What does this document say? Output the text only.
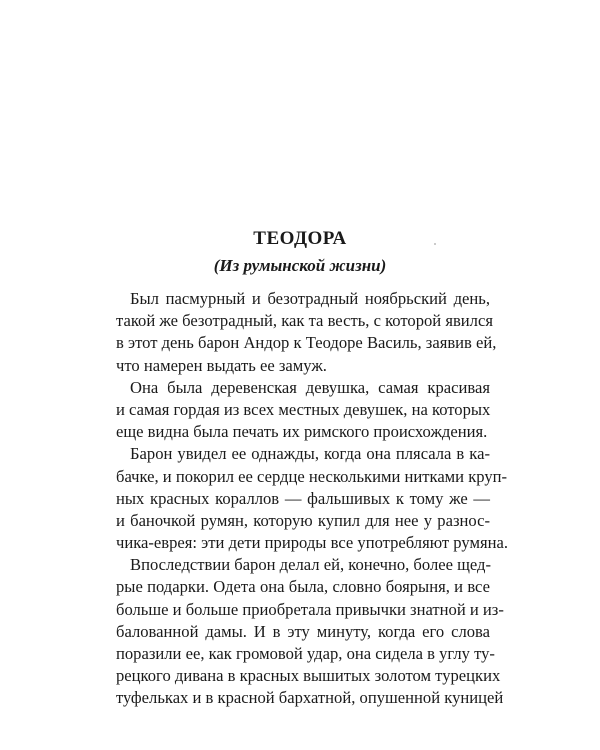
ТЕОДОРА
(Из румынской жизни)
Был пасмурный и безотрадный ноябрьский день,
такой же безотрадный, как та весть, с которой явился
в этот день барон Андор к Теодоре Василь, заявив ей,
что намерен выдать ее замуж.
Она была деревенская девушка, самая красивая
и самая гордая из всех местных девушек, на которых
еще видна была печать их римского происхождения.
Барон увидел ее однажды, когда она плясала в ка-
бачке, и покорил ее сердце несколькими нитками круп-
ных красных кораллов — фальшивых к тому же —
и баночкой румян, которую купил для нее у разнос-
чика-еврея: эти дети природы все употребляют румяна.
Впоследствии барон делал ей, конечно, более щед-
рые подарки. Одета она была, словно боярыня, и все
больше и больше приобретала привычки знатной и из-
балованной дамы. И в эту минуту, когда его слова
поразили ее, как громовой удар, она сидела в углу ту-
рецкого дивана в красных вышитых золотом турецких
туфельках и в красной бархатной, опушенной куницей
